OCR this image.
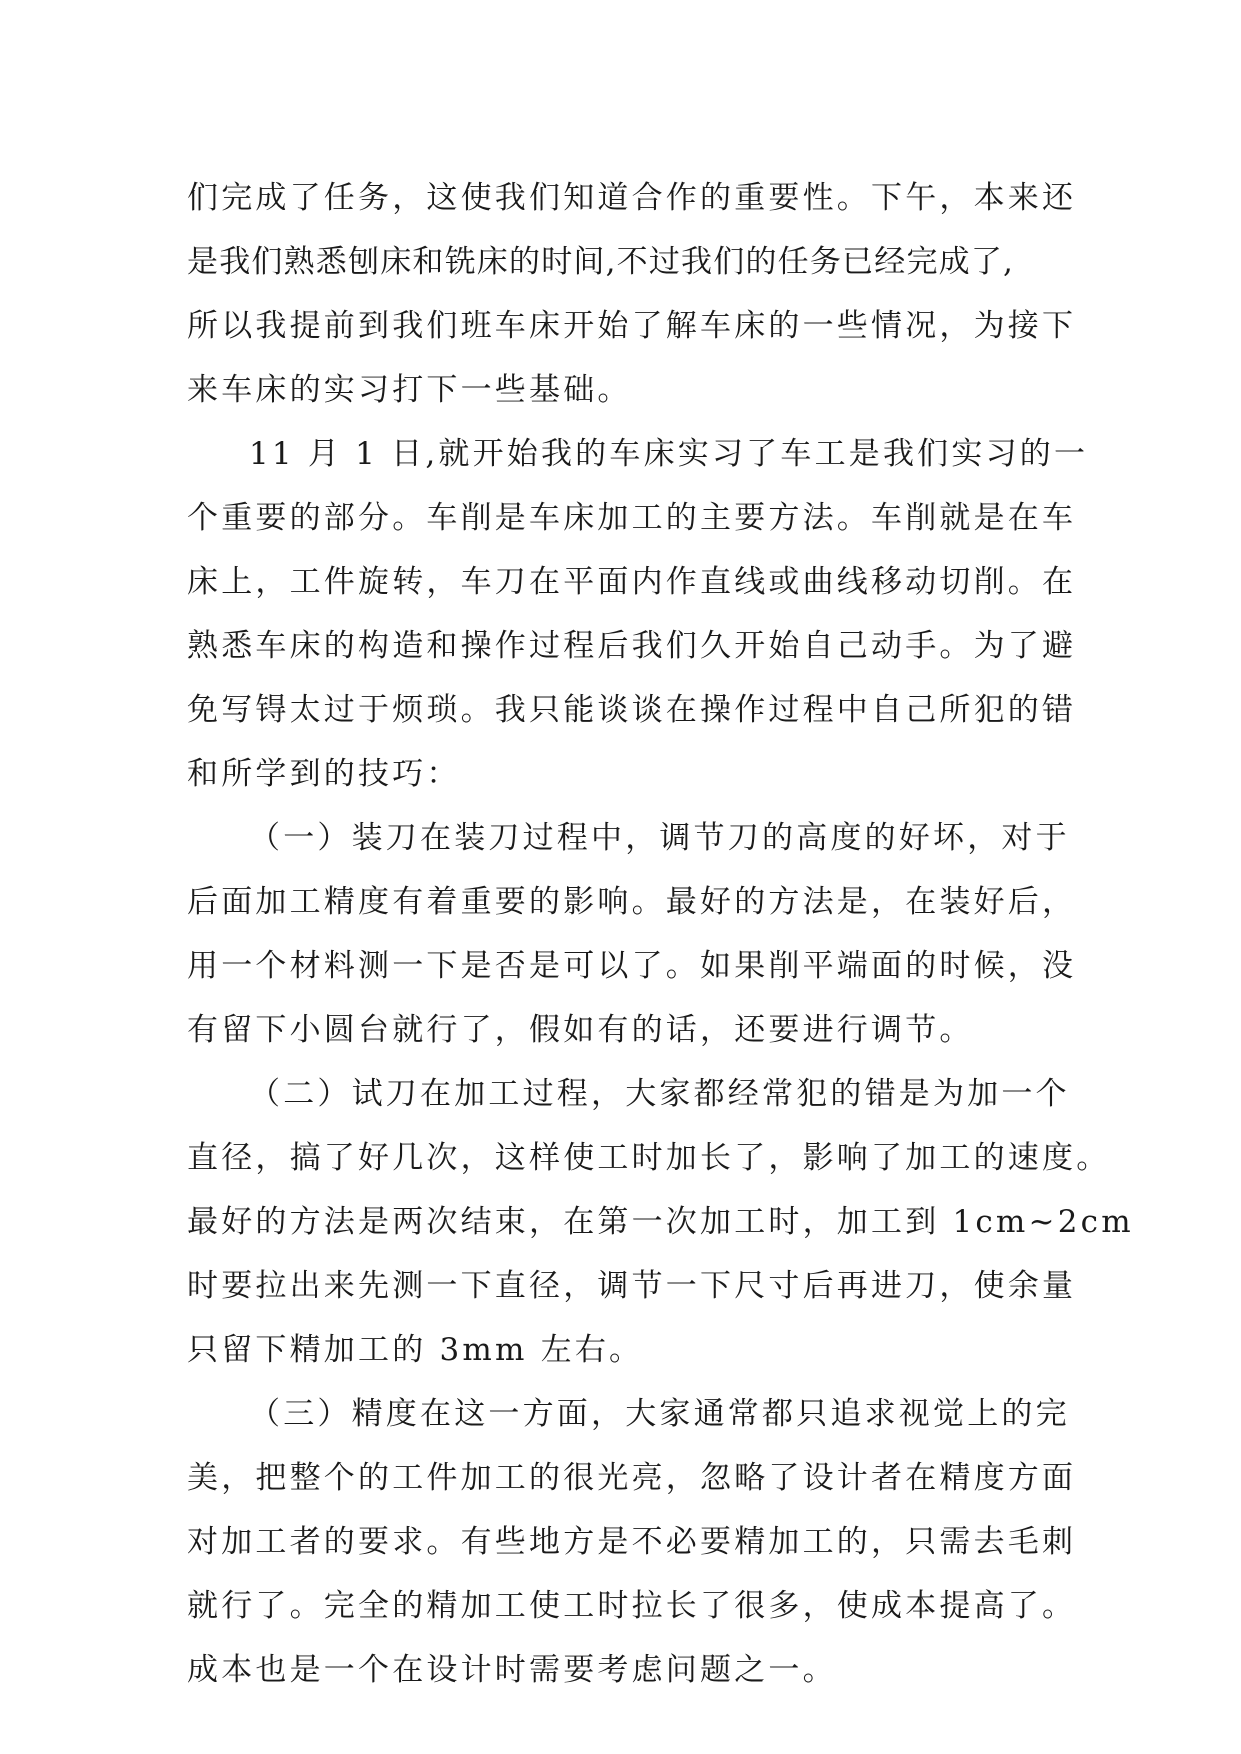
们完成了任务，这使我们知道合作的重要性。下午，本来还
是我们熟悉刨床和铣床的时间,不过我们的任务已经完成了,
所以我提前到我们班车床开始了解车床的一些情况，为接下
来车床的实习打下一些基础。
11 月 1 日,就开始我的车床实习了车工是我们实习的一
个重要的部分。车削是车床加工的主要方法。车削就是在车
床上，工件旋转，车刀在平面内作直线或曲线移动切削。在
熟悉车床的构造和操作过程后我们久开始自己动手。为了避
免写锝太过于烦琐。我只能谈谈在操作过程中自己所犯的错
和所学到的技巧：
（一）装刀在装刀过程中，调节刀的高度的好坏，对于
后面加工精度有着重要的影响。最好的方法是，在装好后，
用一个材料测一下是否是可以了。如果削平端面的时候，没
有留下小圆台就行了，假如有的话，还要进行调节。
（二）试刀在加工过程，大家都经常犯的错是为加一个
直径，搞了好几次，这样使工时加长了，影响了加工的速度。
最好的方法是两次结束，在第一次加工时，加工到 1cm~2cm
时要拉出来先测一下直径，调节一下尺寸后再进刀，使余量
只留下精加工的 3mm 左右。
（三）精度在这一方面，大家通常都只追求视觉上的完
美，把整个的工件加工的很光亮，忽略了设计者在精度方面
对加工者的要求。有些地方是不必要精加工的，只需去毛刺
就行了。完全的精加工使工时拉长了很多，使成本提高了。
成本也是一个在设计时需要考虑问题之一。
